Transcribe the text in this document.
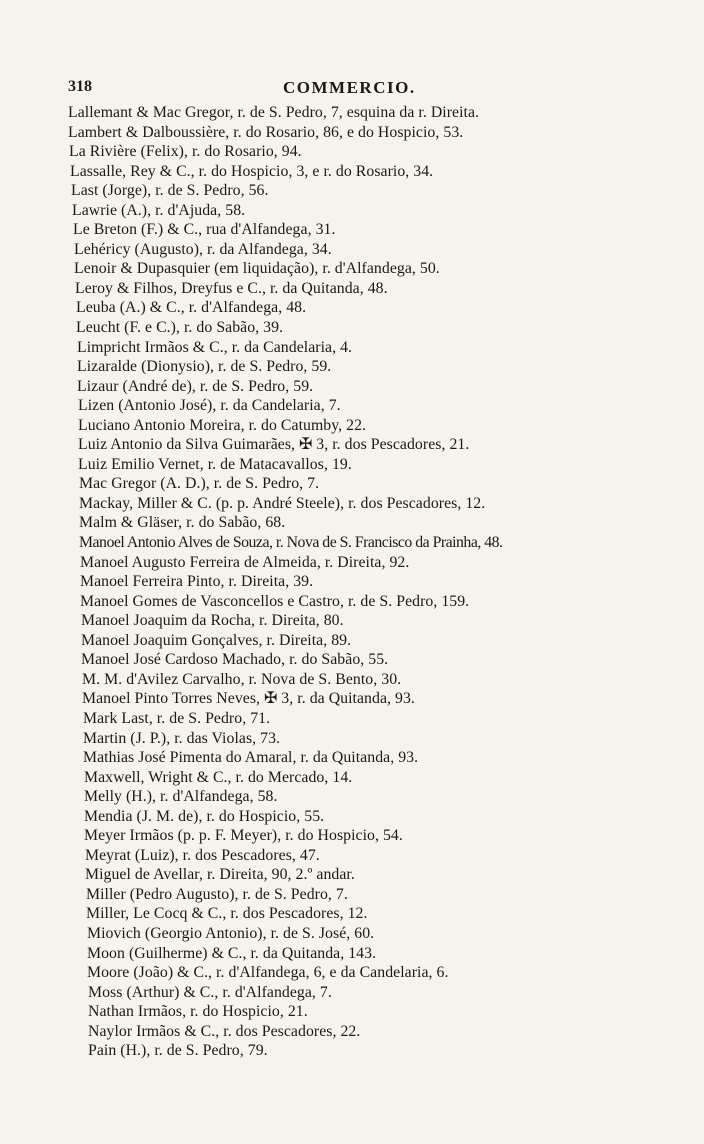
318	COMMERCIO.
Lallemant & Mac Gregor, r. de S. Pedro, 7, esquina da r. Direita.
Lambert & Dalboussière, r. do Rosario, 86, e do Hospicio, 53.
La Rivière (Felix), r. do Rosario, 94.
Lassalle, Rey & C., r. do Hospicio, 3, e r. do Rosario, 34.
Last (Jorge), r. de S. Pedro, 56.
Lawrie (A.), r. d'Ajuda, 58.
Le Breton (F.) & C., rua d'Alfandega, 31.
Lehéricy (Augusto), r. da Alfandega, 34.
Lenoir & Dupasquier (em liquidação), r. d'Alfandega, 50.
Leroy & Filhos, Dreyfus e C., r. da Quitanda, 48.
Leuba (A.) & C., r. d'Alfandega, 48.
Leucht (F. e C.), r. do Sabão, 39.
Limpricht Irmãos & C., r. da Candelaria, 4.
Lizaralde (Dionysio), r. de S. Pedro, 59.
Lizaur (André de), r. de S. Pedro, 59.
Lizen (Antonio José), r. da Candelaria, 7.
Luciano Antonio Moreira, r. do Catumby, 22.
Luiz Antonio da Silva Guimarães, ✠ 3, r. dos Pescadores, 21.
Luiz Emilio Vernet, r. de Matacavallos, 19.
Mac Gregor (A. D.), r. de S. Pedro, 7.
Mackay, Miller & C. (p. p. André Steele), r. dos Pescadores, 12.
Malm & Gläser, r. do Sabão, 68.
Manoel Antonio Alves de Souza, r. Nova de S. Francisco da Prainha, 48.
Manoel Augusto Ferreira de Almeida, r. Direita, 92.
Manoel Ferreira Pinto, r. Direita, 39.
Manoel Gomes de Vasconcellos e Castro, r. de S. Pedro, 159.
Manoel Joaquim da Rocha, r. Direita, 80.
Manoel Joaquim Gonçalves, r. Direita, 89.
Manoel José Cardoso Machado, r. do Sabão, 55.
M. M. d'Avilez Carvalho, r. Nova de S. Bento, 30.
Manoel Pinto Torres Neves, ✠ 3, r. da Quitanda, 93.
Mark Last, r. de S. Pedro, 71.
Martin (J. P.), r. das Violas, 73.
Mathias José Pimenta do Amaral, r. da Quitanda, 93.
Maxwell, Wright & C., r. do Mercado, 14.
Melly (H.), r. d'Alfandega, 58.
Mendia (J. M. de), r. do Hospicio, 55.
Meyer Irmãos (p. p. F. Meyer), r. do Hospicio, 54.
Meyrat (Luiz), r. dos Pescadores, 47.
Miguel de Avellar, r. Direita, 90, 2.º andar.
Miller (Pedro Augusto), r. de S. Pedro, 7.
Miller, Le Cocq & C., r. dos Pescadores, 12.
Miovich (Georgio Antonio), r. de S. José, 60.
Moon (Guilherme) & C., r. da Quitanda, 143.
Moore (João) & C., r. d'Alfandega, 6, e da Candelaria, 6.
Moss (Arthur) & C., r. d'Alfandega, 7.
Nathan Irmãos, r. do Hospicio, 21.
Naylor Irmãos & C., r. dos Pescadores, 22.
Pain (H.), r. de S. Pedro, 79.
